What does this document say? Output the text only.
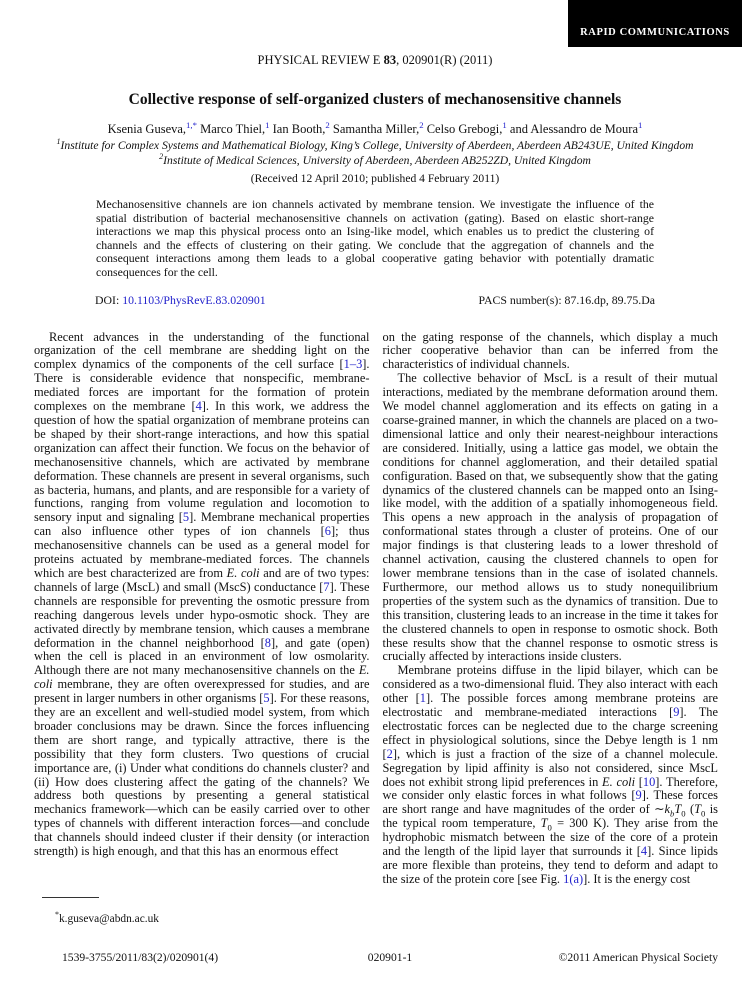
RAPID COMMUNICATIONS
PHYSICAL REVIEW E 83, 020901(R) (2011)
Collective response of self-organized clusters of mechanosensitive channels
Ksenia Guseva,$^{1,*}$ Marco Thiel,$^1$ Ian Booth,$^2$ Samantha Miller,$^2$ Celso Grebogi,$^1$ and Alessandro de Moura$^1$
$^1$Institute for Complex Systems and Mathematical Biology, King’s College, University of Aberdeen, Aberdeen AB243UE, United Kingdom
$^2$Institute of Medical Sciences, University of Aberdeen, Aberdeen AB252ZD, United Kingdom
(Received 12 April 2010; published 4 February 2011)
Mechanosensitive channels are ion channels activated by membrane tension. We investigate the influence of the spatial distribution of bacterial mechanosensitive channels on activation (gating). Based on elastic short-range interactions we map this physical process onto an Ising-like model, which enables us to predict the clustering of channels and the effects of clustering on their gating. We conclude that the aggregation of channels and the consequent interactions among them leads to a global cooperative gating behavior with potentially dramatic consequences for the cell.
DOI: 10.1103/PhysRevE.83.020901	PACS number(s): 87.16.dp, 89.75.Da

Recent advances in the understanding of the functional organization of the cell membrane are shedding light on the complex dynamics of the components of the cell surface [1–3]. There is considerable evidence that nonspecific, membrane-mediated forces are important for the formation of protein complexes on the membrane [4]. In this work, we address the question of how the spatial organization of membrane proteins can be shaped by their short-range interactions, and how this spatial organization can affect their function. We focus on the behavior of mechanosensitive channels, which are activated by membrane deformation. These channels are present in several organisms, such as bacteria, humans, and plants, and are responsible for a variety of functions, ranging from volume regulation and locomotion to sensory input and signaling [5]. Membrane mechanical properties can also influence other types of ion channels [6]; thus mechanosensitive channels can be used as a general model for proteins actuated by membrane-mediated forces. The channels which are best characterized are from E. coli and are of two types: channels of large (MscL) and small (MscS) conductance [7]. These channels are responsible for preventing the osmotic pressure from reaching dangerous levels under hypo-osmotic shock. They are activated directly by membrane tension, which causes a membrane deformation in the channel neighborhood [8], and gate (open) when the cell is placed in an environment of low osmolarity. Although there are not many mechanosensitive channels on the E. coli membrane, they are often overexpressed for studies, and are present in larger numbers in other organisms [5]. For these reasons, they are an excellent and well-studied model system, from which broader conclusions may be drawn. Since the forces influencing them are short range, and typically attractive, there is the possibility that they form clusters. Two questions of crucial importance are, (i) Under what conditions do channels cluster? and (ii) How does clustering affect the gating of the channels? We address both questions by presenting a general statistical mechanics framework—which can be easily carried over to other types of channels with different interaction forces—and conclude that channels should indeed cluster if their density (or interaction strength) is high enough, and that this has an enormous effect

on the gating response of the channels, which display a much richer cooperative behavior than can be inferred from the characteristics of individual channels.

The collective behavior of MscL is a result of their mutual interactions, mediated by the membrane deformation around them. We model channel agglomeration and its effects on gating in a coarse-grained manner, in which the channels are placed on a two-dimensional lattice and only their nearest-neighbour interactions are considered. Initially, using a lattice gas model, we obtain the conditions for channel agglomeration, and their detailed spatial configuration. Based on that, we subsequently show that the gating dynamics of the clustered channels can be mapped onto an Ising-like model, with the addition of a spatially inhomogeneous field. This opens a new approach in the analysis of propagation of conformational states through a cluster of proteins. One of our major findings is that clustering leads to a lower threshold of channel activation, causing the clustered channels to open for lower membrane tensions than in the case of isolated channels. Furthermore, our method allows us to study nonequilibrium properties of the system such as the dynamics of transition. Due to this transition, clustering leads to an increase in the time it takes for the clustered channels to open in response to osmotic shock. Both these results show that the channel response to osmotic stress is crucially affected by interactions inside clusters.

Membrane proteins diffuse in the lipid bilayer, which can be considered as a two-dimensional fluid. They also interact with each other [1]. The possible forces among membrane proteins are electrostatic and membrane-mediated interactions [9]. The electrostatic forces can be neglected due to the charge screening effect in physiological solutions, since the Debye length is 1 nm [2], which is just a fraction of the size of a channel molecule. Segregation by lipid affinity is also not considered, since MscL does not exhibit strong lipid preferences in E. coli [10]. Therefore, we consider only elastic forces in what follows [9]. These forces are short range and have magnitudes of the order of $\sim k_bT_0$ ($T_0$ is the typical room temperature, $T_0 = 300$ K). They arise from the hydrophobic mismatch between the size of the core of a protein and the length of the lipid layer that surrounds it [4]. Since lipids are more flexible than proteins, they tend to deform and adapt to the size of the protein core [see Fig. 1(a)]. It is the energy cost

*k.guseva@abdn.ac.uk
1539-3755/2011/83(2)/020901(4)	020901-1	©2011 American Physical Society
